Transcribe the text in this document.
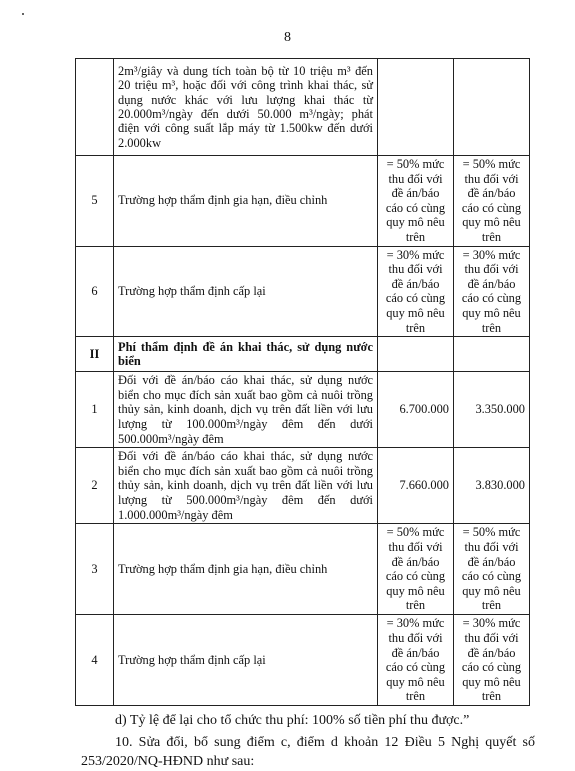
8
	2m³/giây và dung tích toàn bộ từ 10 triệu m³ đến 20 triệu m³, hoặc đối với công trình khai thác, sử dụng nước khác với lưu lượng khai thác từ 20.000m³/ngày đến dưới 50.000 m³/ngày; phát điện với công suất lắp máy từ 1.500kw đến dưới 2.000kw		
5	Trường hợp thẩm định gia hạn, điều chỉnh	= 50% mức thu đối với đề án/báo cáo có cùng quy mô nêu trên	= 50% mức thu đối với đề án/báo cáo có cùng quy mô nêu trên
6	Trường hợp thẩm định cấp lại	= 30% mức thu đối với đề án/báo cáo có cùng quy mô nêu trên	= 30% mức thu đối với đề án/báo cáo có cùng quy mô nêu trên
II	Phí thẩm định đề án khai thác, sử dụng nước biển		
1	Đối với đề án/báo cáo khai thác, sử dụng nước biển cho mục đích sản xuất bao gồm cả nuôi trồng thủy sản, kinh doanh, dịch vụ trên đất liền với lưu lượng từ 100.000m³/ngày đêm đến dưới 500.000m³/ngày đêm	6.700.000	3.350.000
2	Đối với đề án/báo cáo khai thác, sử dụng nước biển cho mục đích sản xuất bao gồm cả nuôi trồng thủy sản, kinh doanh, dịch vụ trên đất liền với lưu lượng từ 500.000m³/ngày đêm đến dưới 1.000.000m³/ngày đêm	7.660.000	3.830.000
3	Trường hợp thẩm định gia hạn, điều chỉnh	= 50% mức thu đối với đề án/báo cáo có cùng quy mô nêu trên	= 50% mức thu đối với đề án/báo cáo có cùng quy mô nêu trên
4	Trường hợp thẩm định cấp lại	= 30% mức thu đối với đề án/báo cáo có cùng quy mô nêu trên	= 30% mức thu đối với đề án/báo cáo có cùng quy mô nêu trên
d) Tỷ lệ để lại cho tổ chức thu phí: 100% số tiền phí thu được.”
10. Sửa đổi, bổ sung điểm c, điểm d khoản 12 Điều 5 Nghị quyết số 253/2020/NQ-HĐND như sau:
